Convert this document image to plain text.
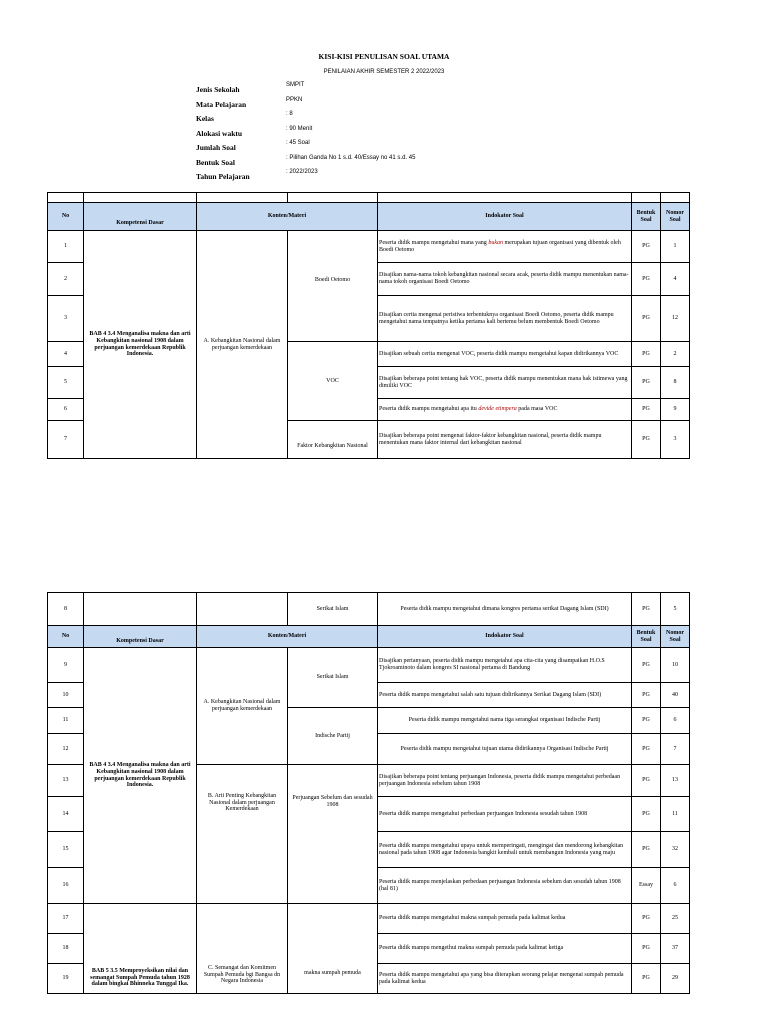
KISI-KISI PENULISAN SOAL UTAMA
PENILAIAN AKHIR SEMESTER 2 2022/2023
Jenis Sekolah	SMPIT
Mata Pelajaran	PPKN
Kelas	: 8
Alokasi waktu	: 90 Menit
Jumlah Soal	: 45 Soal
Bentuk Soal	: Pilihan Ganda No 1 s.d. 40/Essay no 41 s.d. 45
Tahun Pelajaran	: 2022/2023

No	Kompetensi Dasar	Konten/Materi		Indokator Soal	Bentuk Soal	Nomor Soal
1	BAB 4 3.4 Menganalisa makna dan arti Kebangkitan nasional 1908 dalam perjuangan kemerdekaan Republik Indonesia.	A. Kebangkitan Nasional dalam perjuangan kemerdekaan		Peserta didik mampu mengetahui mana yang bukan merupakan tujuan organisasi yang dibentuk oleh Boedi Oetomo	PG	1
2			Boedi Oetomo	Disajikan nama-nama tokoh kebangkitan nasional secara acak, peserta didik mampu menentukan nama-nama tokoh organisasi Boedi Oetomo	PG	4
3				Disajikan cerita mengenai peristiwa terbentuknya organisasi Boedi Oetomo, peserta didik mampu mengetahui nama tempatnya ketika pertama kali bertemu belum membentuk Boedi Oetomo	PG	12
4			VOC	Disajikan sebuah cerita mengenai VOC, peserta didik mampu mengetahui kapan didirikannya VOC	PG	2
5				Disajikan beberapa point tentang hak VOC, peserta didik mampu menentukan mana hak istimewa yang dimiliki VOC	PG	8
6				Peserta didik mampu mengetahui apa itu devide etimpera pada masa VOC	PG	9
7			Faktor Kebangkitan Nasional	Disajikan beberapa point mengenai faktor-faktor kebangkitan nasional, peserta didik mampu menentukan mana faktor internal dari kebangkitan nasional	PG	3
8			Serikat Islam	Peserta didik mampu mengetahui dimana kongres pertama serikat Dagang Islam (SDI)	PG	5
No	Kompetensi Dasar	Konten/Materi		Indokator Soal	Bentuk Soal	Nomor Soal
9	BAB 4 3.4 Menganalisa makna dan arti Kebangkitan nasional 1908 dalam perjuangan kemerdekaan Republik Indonesia.	A. Kebangkitan Nasional dalam perjuangan kemerdekaan	Serikat Islam	Disajikan pertanyaan, peserta didik mampu mengetahui apa cita-cita yang disampaikan H.O.S Tjokroaminoto dalam kongres SI nasional pertama di Bandung	PG	10
10				Peserta didik mampu mengetahui salah satu tujuan didirikannya Serikat Dagang Islam (SDI)	PG	40
11			Indische Partij	Peserta didik mampu mengetahui nama tiga serangkai organisasi Indische Partij	PG	6
12				Peserta didik mampu mengetahui tujuan utama didirikannya Organisasi Indische Partij	PG	7
13		B. Arti Penting Kebangkitan Nasional dalam perjuangan Kemerdekaan	Perjuangan Sebelum dan sesudah 1908	Disajikan beberapa point tentang perjuangan Indonesia, peserta didik mampu mengetahui perbedaan perjuangan Indonesia sebelum tahun 1908	PG	13
14				Peserta didik mampu mengetahui perbedaan perjuangan Indonesia sesudah tahun 1908	PG	11
15				Peserta didik mampu mengetahui upaya untuk memperingati, mengingat dan mendorong kebangkitan nasional pada tahun 1908 agar Indonesia bangkit kembali untuk membangun Indonesia yang maju	PG	32
16				Peserta didik mampu menjelaskan perbedaan perjuangan Indonesia sebelum dan sesudah tahun 1908 (hal 81)	Essay	6
17	BAB 5 3.5 Memproyeksikan nilai dan semangat Sumpah Pemuda tahun 1928 dalam bingkai Bhinneka Tunggal Ika.	C. Semangat dan Komitmen Sumpah Pemuda bgi Bangsa dn Negara Indonesia	makna sumpah pemuda	Peserta didik mampu mengetahui makna sumpah pemuda pada kalimat kedua	PG	25
18				Peserta didik mampu mengethui makna sumpah pemuda pada kalimat ketiga	PG	37
19				Peserta didik mampu mengetahui apa yang bisa diterapkan seorang pelajar mengenai sumpah pemuda pada kalimat kedua	PG	29
